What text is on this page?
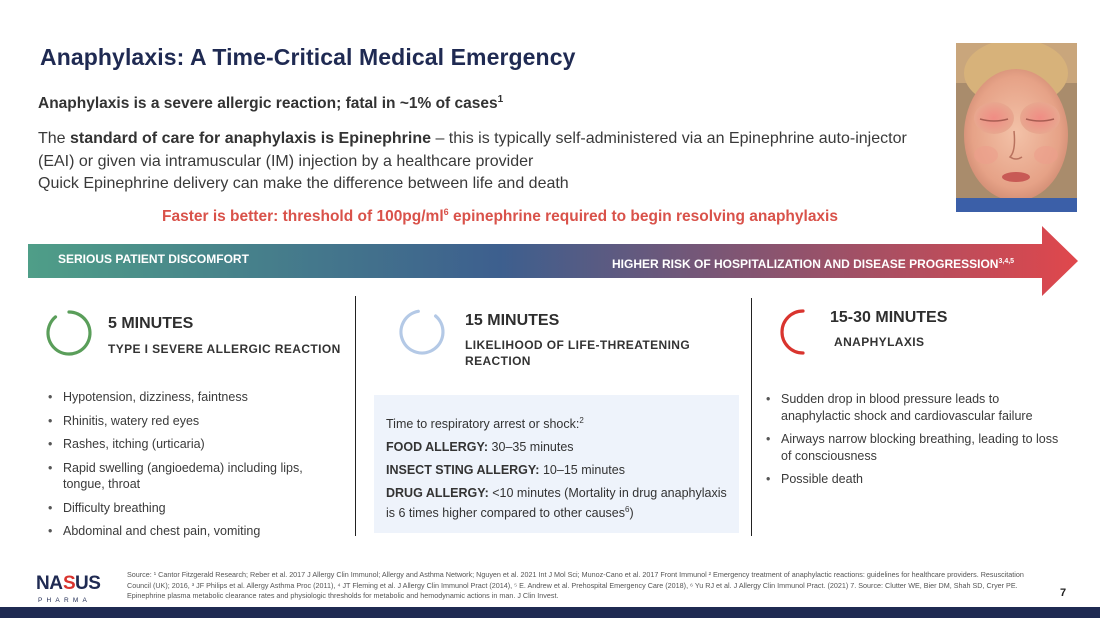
Anaphylaxis: A Time-Critical Medical Emergency
Anaphylaxis is a severe allergic reaction; fatal in ~1% of cases$^1$
The standard of care for anaphylaxis is Epinephrine – this is typically self-administered via an Epinephrine auto-injector (EAI) or given via intramuscular (IM) injection by a healthcare provider
Quick Epinephrine delivery can make the difference between life and death
Faster is better: threshold of $100pg/ml^6$ epinephrine required to begin resolving anaphylaxis
SERIOUS PATIENT DISCOMFORT	HIGHER RISK OF HOSPITALIZATION AND DISEASE PROGRESSION$^{3,4,5}$
5 MINUTES
TYPE I SEVERE ALLERGIC REACTION
• Hypotension, dizziness, faintness
• Rhinitis, watery red eyes
• Rashes, itching (urticaria)
• Rapid swelling (angioedema) including lips, tongue, throat
• Difficulty breathing
• Abdominal and chest pain, vomiting
15 MINUTES
LIKELIHOOD OF LIFE-THREATENING
REACTION

Time to respiratory arrest or shock:$^2$

FOOD ALLERGY: 30–35 minutes

INSECT STING ALLERGY: 10–15 minutes

DRUG ALLERGY: <10 minutes (Mortality in drug anaphylaxis is 6 times higher compared to other causes$^6$)

15-30 MINUTES
ANAPHYLAXIS
• Sudden drop in blood pressure leads to anaphylactic shock and cardiovascular failure
• Airways narrow blocking breathing, leading to loss of consciousness
• Possible death
NA S US
PHARMA
Source: ¹ Cantor Fitzgerald Research; Reber et al. 2017 J Allergy Clin Immunol; Allergy and Asthma Network; Nguyen et al. 2021 Int J Mol Sci; Munoz-Cano et al. 2017 Front Immunol ² Emergency treatment of anaphylactic reactions: guidelines for healthcare providers. Resuscitation Council (UK); 2016, ³ JF Philips et al. Allergy Asthma Proc (2011), ⁴ JT Fleming et al. J Allergy Clin Immunol Pract (2014), ⁵ E. Andrew et al. Prehospital Emergency Care (2018), ⁶ Yu RJ et al. J Allergy Clin Immunol Pract. (2021) 7. Source: Clutter WE, Bier DM, Shah SD, Cryer PE. Epinephrine plasma metabolic clearance rates and physiologic thresholds for metabolic and hemodynamic actions in man. J Clin Invest.	7
